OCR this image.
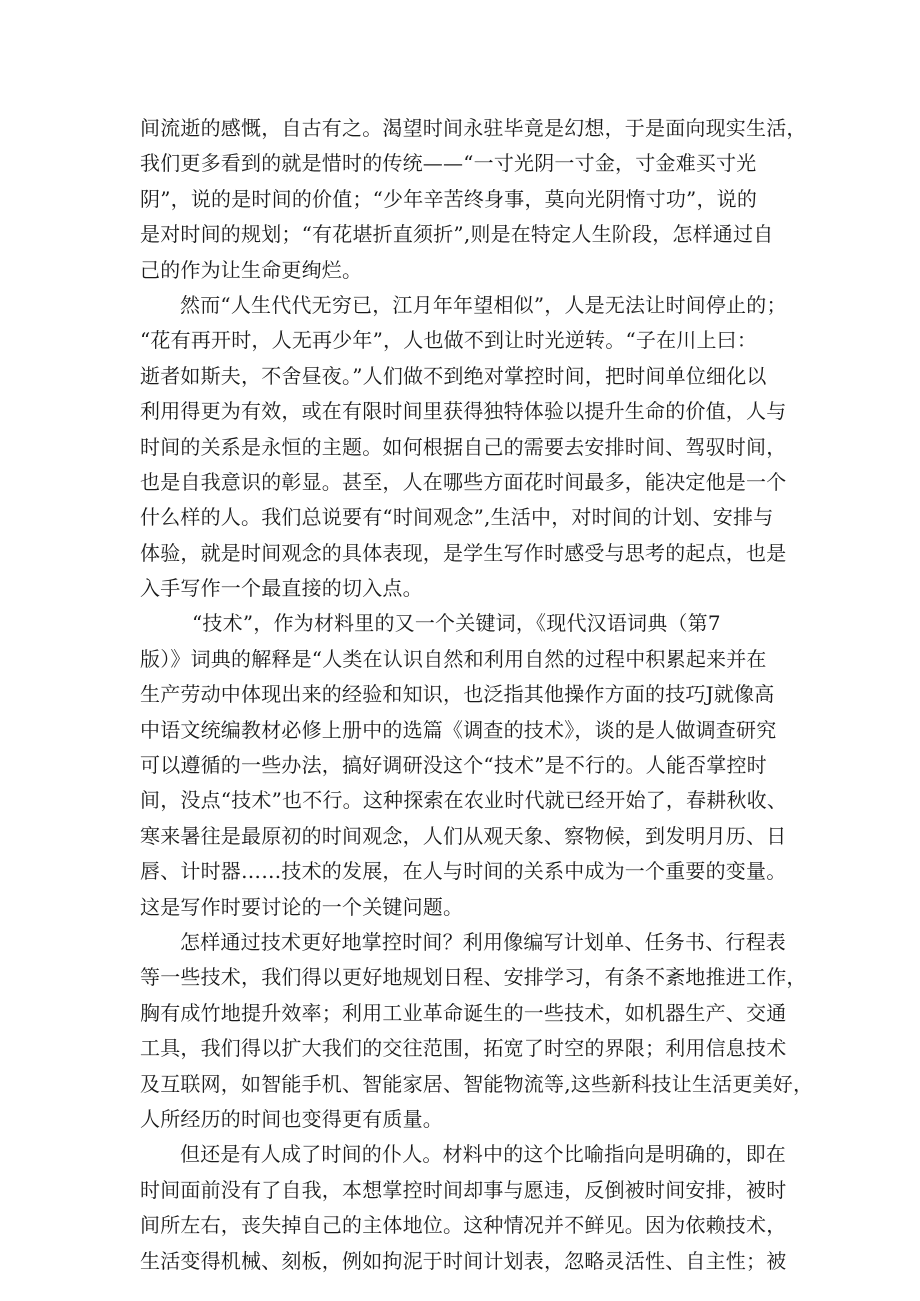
间流逝的感慨，自古有之。渴望时间永驻毕竟是幻想，于是面向现实生活，
我们更多看到的就是惜时的传统——“一寸光阴一寸金，寸金难买寸光
阴”，说的是时间的价值；“少年辛苦终身事，莫向光阴惰寸功”，说的
是对时间的规划；“有花堪折直须折”,则是在特定人生阶段，怎样通过自
己的作为让生命更绚烂。
然而“人生代代无穷已，江月年年望相似”，人是无法让时间停止的；
“花有再开时，人无再少年”，人也做不到让时光逆转。“子在川上曰：
逝者如斯夫，不舍昼夜。”人们做不到绝对掌控时间，把时间单位细化以
利用得更为有效，或在有限时间里获得独特体验以提升生命的价值，人与
时间的关系是永恒的主题。如何根据自己的需要去安排时间、驾驭时间，
也是自我意识的彰显。甚至，人在哪些方面花时间最多，能决定他是一个
什么样的人。我们总说要有“时间观念”,生活中，对时间的计划、安排与
体验，就是时间观念的具体表现，是学生写作时感受与思考的起点，也是
入手写作一个最直接的切入点。
“技术”，作为材料里的又一个关键词，《现代汉语词典（第7
版）》词典的解释是“人类在认识自然和利用自然的过程中积累起来并在
生产劳动中体现出来的经验和知识，也泛指其他操作方面的技巧J就像高
中语文统编教材必修上册中的选篇《调查的技术》，谈的是人做调查研究
可以遵循的一些办法，搞好调研没这个“技术”是不行的。人能否掌控时
间，没点“技术”也不行。这种探索在农业时代就已经开始了，春耕秋收、
寒来暑往是最原初的时间观念，人们从观天象、察物候，到发明月历、日
唇、计时器……技术的发展，在人与时间的关系中成为一个重要的变量。
这是写作时要讨论的一个关键问题。
怎样通过技术更好地掌控时间？利用像编写计划单、任务书、行程表
等一些技术，我们得以更好地规划日程、安排学习，有条不紊地推进工作，
胸有成竹地提升效率；利用工业革命诞生的一些技术，如机器生产、交通
工具，我们得以扩大我们的交往范围，拓宽了时空的界限；利用信息技术
及互联网，如智能手机、智能家居、智能物流等,这些新科技让生活更美好，
人所经历的时间也变得更有质量。
但还是有人成了时间的仆人。材料中的这个比喻指向是明确的，即在
时间面前没有了自我，本想掌控时间却事与愿违，反倒被时间安排，被时
间所左右，丧失掉自己的主体地位。这种情况并不鲜见。因为依赖技术，
生活变得机械、刻板，例如拘泥于时间计划表，忽略灵活性、自主性；被
